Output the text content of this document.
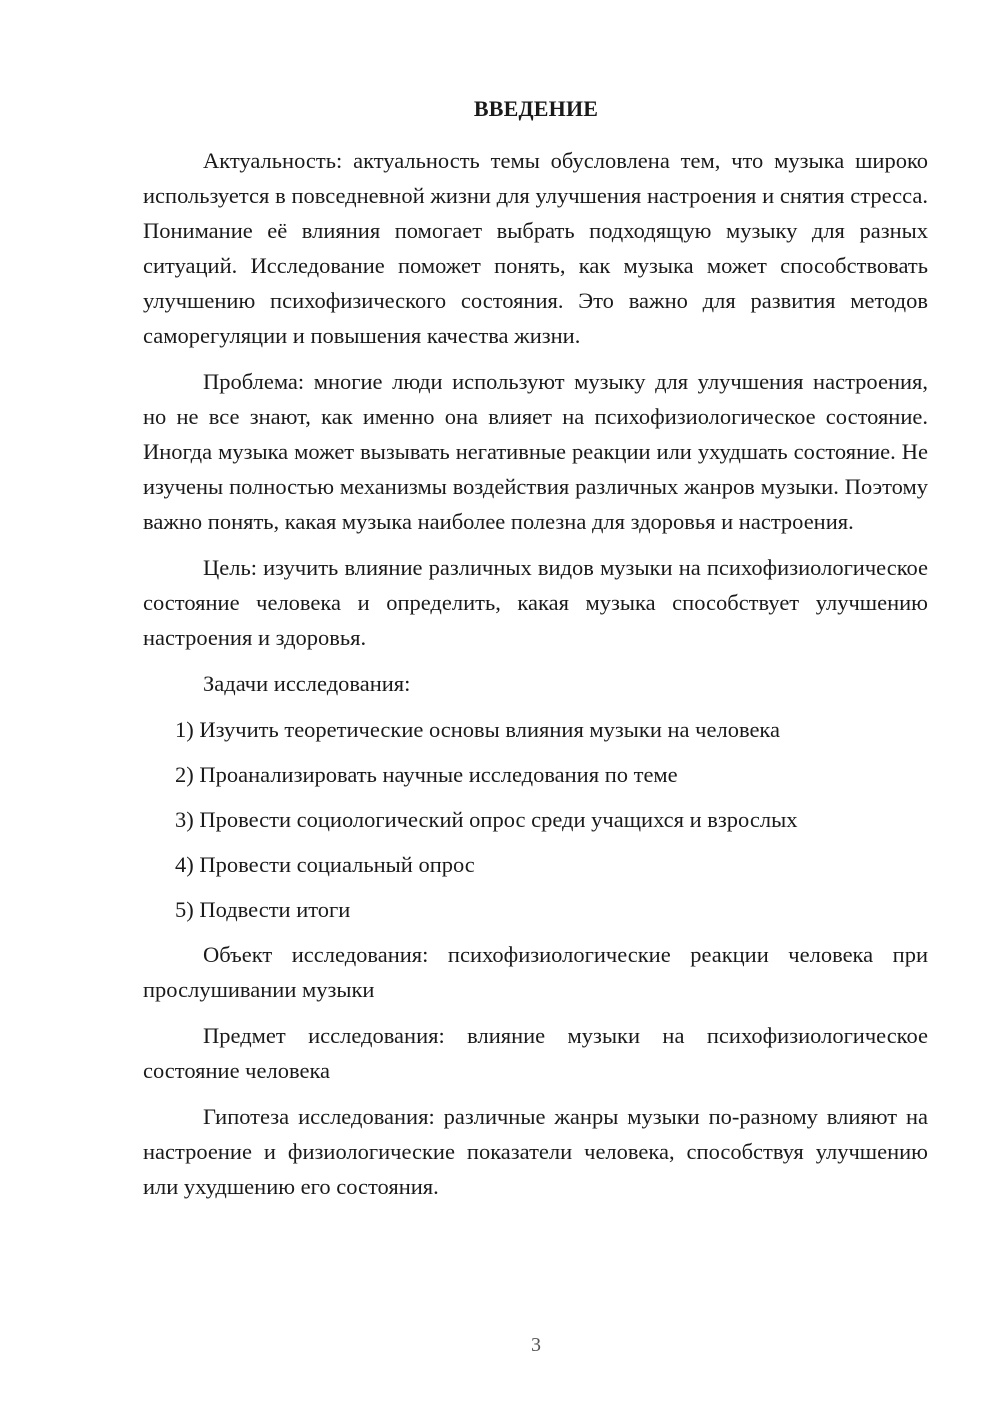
ВВЕДЕНИЕ

Актуальность: актуальность темы обусловлена тем, что музыка широко используется в повседневной жизни для улучшения настроения и снятия стресса. Понимание её влияния помогает выбрать подходящую музыку для разных ситуаций. Исследование поможет понять, как музыка может способствовать улучшению психофизического состояния. Это важно для развития методов саморегуляции и повышения качества жизни.

Проблема: многие люди используют музыку для улучшения настроения, но не все знают, как именно она влияет на психофизиологическое состояние. Иногда музыка может вызывать негативные реакции или ухудшать состояние. Не изучены полностью механизмы воздействия различных жанров музыки. Поэтому важно понять, какая музыка наиболее полезна для здоровья и настроения.

Цель: изучить влияние различных видов музыки на психофизиологическое состояние человека и определить, какая музыка способствует улучшению настроения и здоровья.

Задачи исследования:

1) Изучить теоретические основы влияния музыки на человека
2) Проанализировать научные исследования по теме
3) Провести социологический опрос среди учащихся и взрослых
4) Провести социальный опрос
5) Подвести итоги

Объект исследования: психофизиологические реакции человека при прослушивании музыки

Предмет исследования: влияние музыки на психофизиологическое состояние человека

Гипотеза исследования: различные жанры музыки по-разному влияют на настроение и физиологические показатели человека, способствуя улучшению или ухудшению его состояния.

3
